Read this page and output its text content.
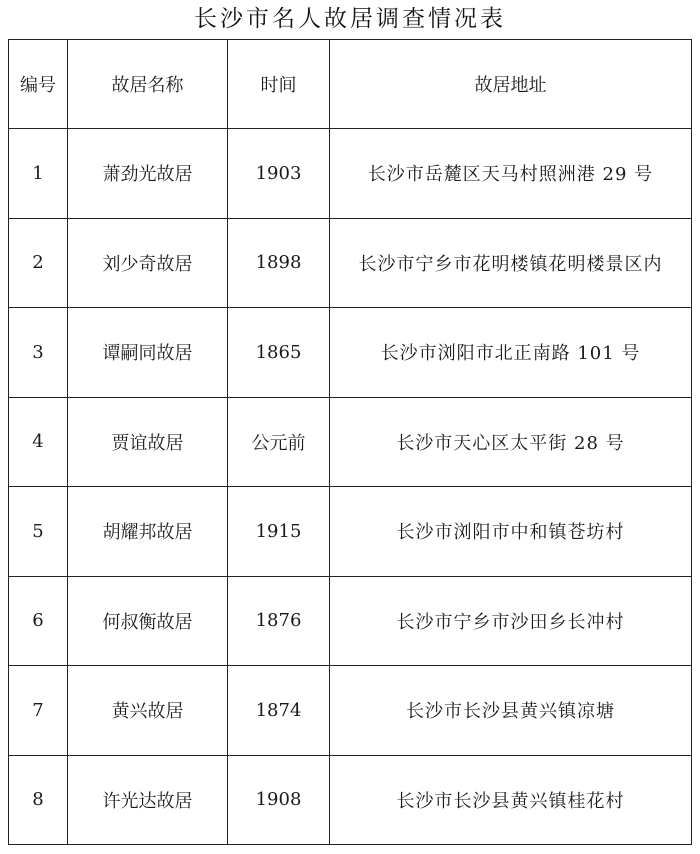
长沙市名人故居调查情况表
编号	故居名称	时间	故居地址
1	萧劲光故居	1903	长沙市岳麓区天马村照洲港 29 号
2	刘少奇故居	1898	长沙市宁乡市花明楼镇花明楼景区内
3	谭嗣同故居	1865	长沙市浏阳市北正南路 101 号
4	贾谊故居	公元前	长沙市天心区太平街 28 号
5	胡耀邦故居	1915	长沙市浏阳市中和镇苍坊村
6	何叔衡故居	1876	长沙市宁乡市沙田乡长冲村
7	黄兴故居	1874	长沙市长沙县黄兴镇凉塘
8	许光达故居	1908	长沙市长沙县黄兴镇桂花村
